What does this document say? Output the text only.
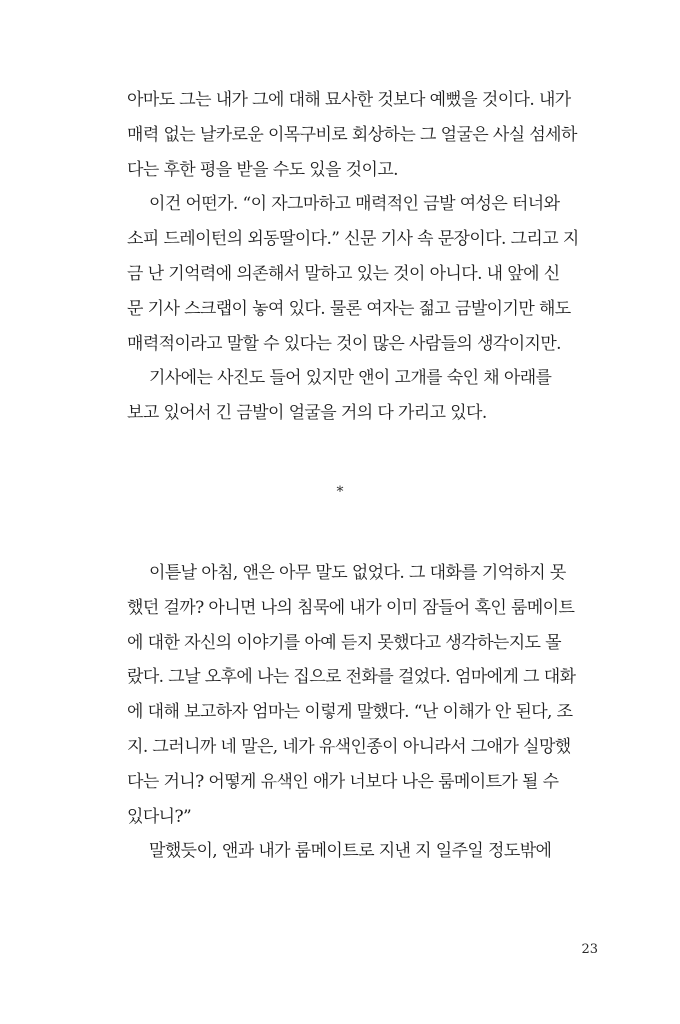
아마도 그는 내가 그에 대해 묘사한 것보다 예뻤을 것이다. 내가
매력 없는 날카로운 이목구비로 회상하는 그 얼굴은 사실 섬세하
다는 후한 평을 받을 수도 있을 것이고.
이건 어떤가. “이 자그마하고 매력적인 금발 여성은 터너와
소피 드레이턴의 외동딸이다.” 신문 기사 속 문장이다. 그리고 지
금 난 기억력에 의존해서 말하고 있는 것이 아니다. 내 앞에 신
문 기사 스크랩이 놓여 있다. 물론 여자는 젊고 금발이기만 해도
매력적이라고 말할 수 있다는 것이 많은 사람들의 생각이지만.
기사에는 사진도 들어 있지만 앤이 고개를 숙인 채 아래를
보고 있어서 긴 금발이 얼굴을 거의 다 가리고 있다.
*
이튿날 아침, 앤은 아무 말도 없었다. 그 대화를 기억하지 못
했던 걸까? 아니면 나의 침묵에 내가 이미 잠들어 혹인 룸메이트
에 대한 자신의 이야기를 아예 듣지 못했다고 생각하는지도 몰
랐다. 그날 오후에 나는 집으로 전화를 걸었다. 엄마에게 그 대화
에 대해 보고하자 엄마는 이렇게 말했다. “난 이해가 안 된다, 조
지. 그러니까 네 말은, 네가 유색인종이 아니라서 그애가 실망했
다는 거니? 어떻게 유색인 애가 너보다 나은 룸메이트가 될 수
있다니?”
말했듯이, 앤과 내가 룸메이트로 지낸 지 일주일 정도밖에
23
